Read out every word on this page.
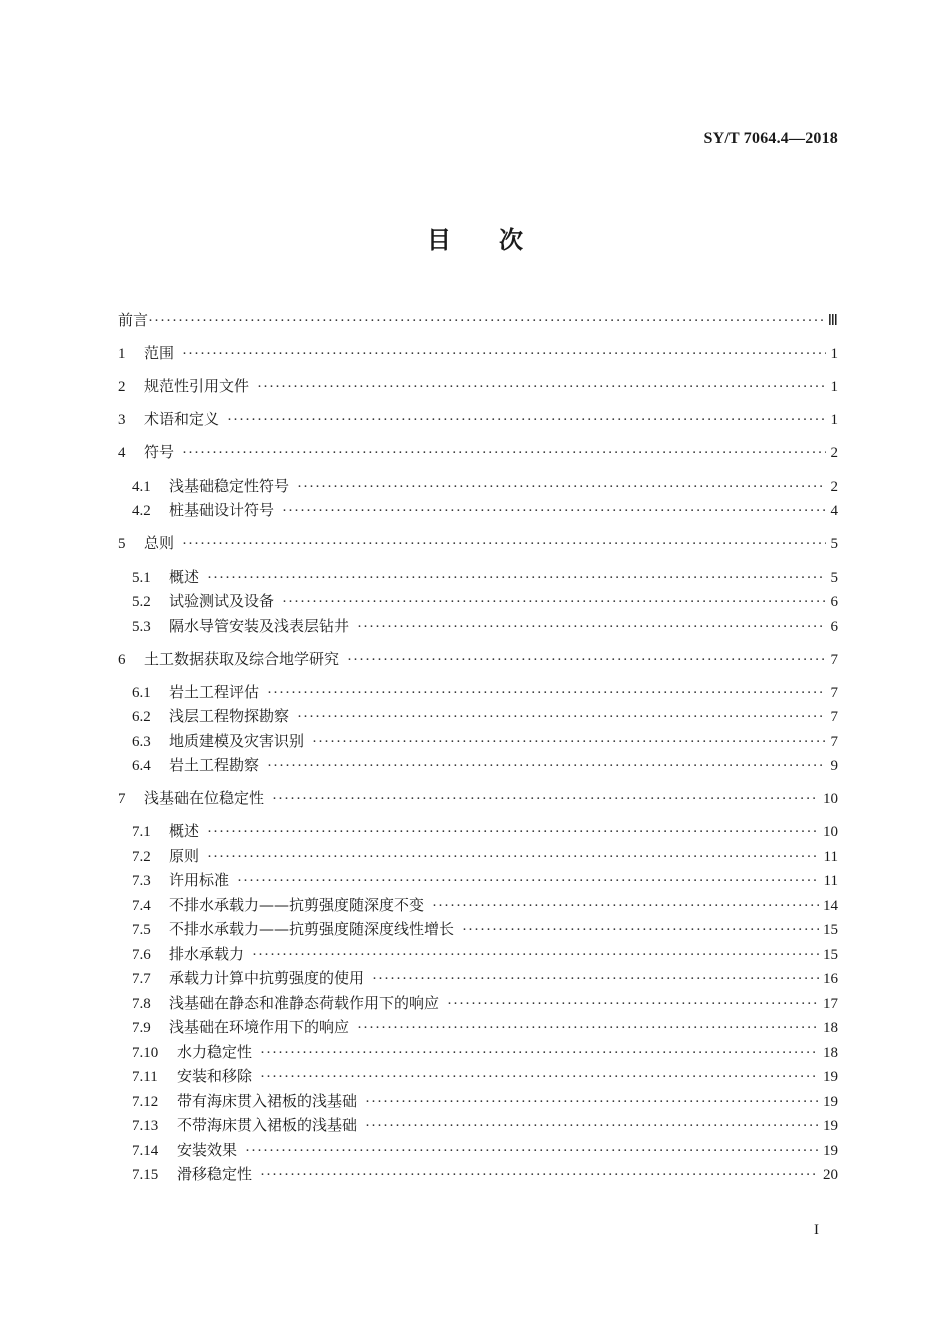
SY/T 7064.4—2018
目 次
前言 ·····	Ⅲ
1	范围 ·····	1
2	规范性引用文件 ·····	1
3	术语和定义 ·····	1
4	符号 ·····	2
4.1	浅基础稳定性符号 ·····	2
4.2	桩基础设计符号 ·····	4
5	总则 ·····	5
5.1	概述 ·····	5
5.2	试验测试及设备 ·····	6
5.3	隔水导管安装及浅表层钻井 ·····	6
6	土工数据获取及综合地学研究 ·····	7
6.1	岩土工程评估 ·····	7
6.2	浅层工程物探勘察 ·····	7
6.3	地质建模及灾害识别 ·····	7
6.4	岩土工程勘察 ·····	9
7	浅基础在位稳定性 ·····	10
7.1	概述 ·····	10
7.2	原则 ·····	11
7.3	许用标准 ·····	11
7.4	不排水承载力——抗剪强度随深度不变 ·····	14
7.5	不排水承载力——抗剪强度随深度线性增长 ·····	15
7.6	排水承载力 ·····	15
7.7	承载力计算中抗剪强度的使用 ·····	16
7.8	浅基础在静态和准静态荷载作用下的响应 ·····	17
7.9	浅基础在环境作用下的响应 ·····	18
7.10	水力稳定性 ·····	18
7.11	安装和移除 ·····	19
7.12	带有海床贯入裙板的浅基础 ·····	19
7.13	不带海床贯入裙板的浅基础 ·····	19
7.14	安装效果 ·····	19
7.15	滑移稳定性 ·····	20
I
